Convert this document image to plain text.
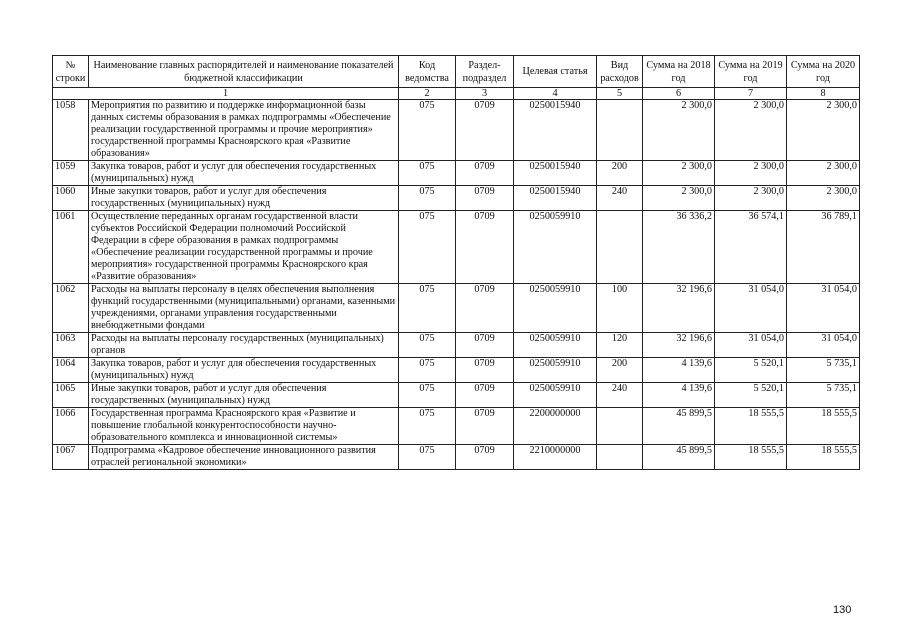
№ строки	Наименование главных распорядителей и наименование показателей бюджетной классификации	Код ведомства	Раздел-подраздел	Целевая статья	Вид расходов	Сумма на 2018 год	Сумма на 2019 год	Сумма на 2020 год
1		2	3	4	5	6	7	8
1058	Мероприятия по развитию и поддержке информационной базы данных системы образования в рамках подпрограммы «Обеспечение реализации государственной программы и прочие мероприятия» государственной программы Красноярского края «Развитие образования»	075	0709	0250015940		2 300,0	2 300,0	2 300,0
1059	Закупка товаров, работ и услуг для обеспечения государственных (муниципальных) нужд	075	0709	0250015940	200	2 300,0	2 300,0	2 300,0
1060	Иные закупки товаров, работ и услуг для обеспечения государственных (муниципальных) нужд	075	0709	0250015940	240	2 300,0	2 300,0	2 300,0
1061	Осуществление переданных органам государственной власти субъектов Российской Федерации полномочий Российской Федерации в сфере образования в рамках подпрограммы «Обеспечение реализации государственной программы и прочие мероприятия» государственной программы Красноярского края «Развитие образования»	075	0709	0250059910		36 336,2	36 574,1	36 789,1
1062	Расходы на выплаты персоналу в целях обеспечения выполнения функций государственными (муниципальными) органами, казенными учреждениями, органами управления государственными внебюджетными фондами	075	0709	0250059910	100	32 196,6	31 054,0	31 054,0
1063	Расходы на выплаты персоналу государственных (муниципальных) органов	075	0709	0250059910	120	32 196,6	31 054,0	31 054,0
1064	Закупка товаров, работ и услуг для обеспечения государственных (муниципальных) нужд	075	0709	0250059910	200	4 139,6	5 520,1	5 735,1
1065	Иные закупки товаров, работ и услуг для обеспечения государственных (муниципальных) нужд	075	0709	0250059910	240	4 139,6	5 520,1	5 735,1
1066	Государственная программа Красноярского края «Развитие и повышение глобальной конкурентоспособности научно-образовательного комплекса и инновационной системы»	075	0709	2200000000		45 899,5	18 555,5	18 555,5
1067	Подпрограмма «Кадровое обеспечение инновационного развития отраслей региональной экономики»	075	0709	2210000000		45 899,5	18 555,5	18 555,5
130
